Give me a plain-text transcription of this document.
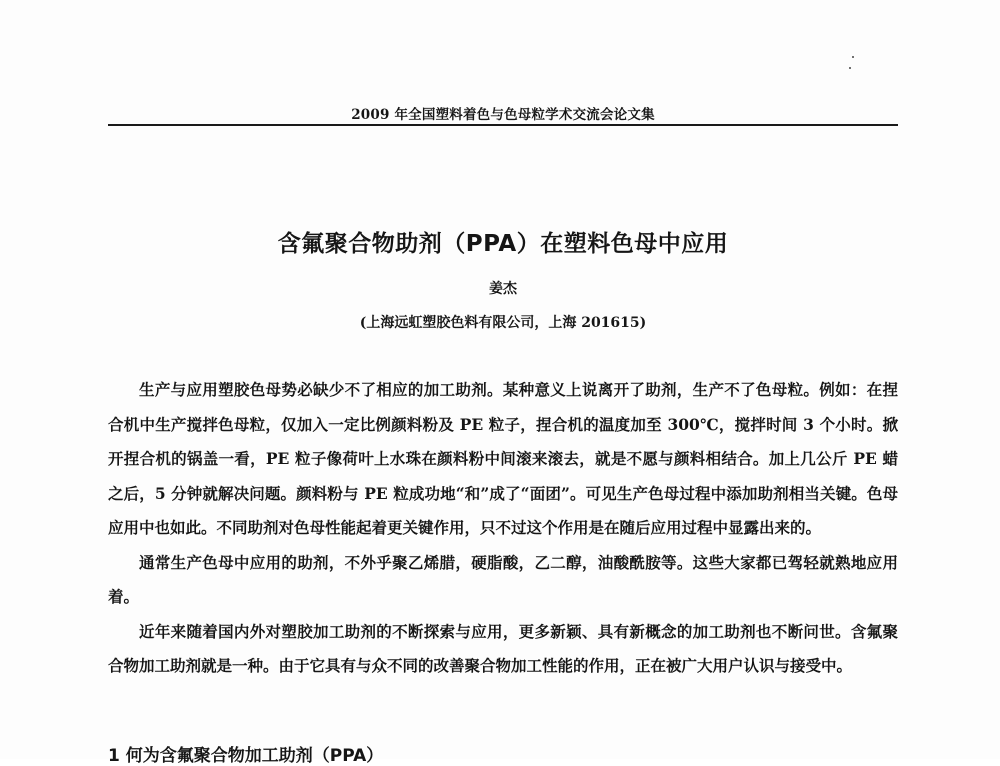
2009 年全国塑料着色与色母粒学术交流会论文集
含氟聚合物助剂（PPA）在塑料色母中应用
姜杰
(上海远虹塑胶色料有限公司，上海 201615)

生产与应用塑胶色母势必缺少不了相应的加工助剂。某种意义上说离开了助剂，生产不了色母粒。例如：在捏合机中生产搅拌色母粒，仅加入一定比例颜料粉及 PE 粒子，捏合机的温度加至 300℃，搅拌时间 3 个小时。掀开捏合机的锅盖一看，PE 粒子像荷叶上水珠在颜料粉中间滚来滚去，就是不愿与颜料相结合。加上几公斤 PE 蜡之后，5 分钟就解决问题。颜料粉与 PE 粒成功地“和”成了“面团”。可见生产色母过程中添加助剂相当关键。色母应用中也如此。不同助剂对色母性能起着更关键作用，只不过这个作用是在随后应用过程中显露出来的。

通常生产色母中应用的助剂，不外乎聚乙烯腊，硬脂酸，乙二醇，油酸酰胺等。这些大家都已驾轻就熟地应用着。

近年来随着国内外对塑胶加工助剂的不断探索与应用，更多新颖、具有新概念的加工助剂也不断问世。含氟聚合物加工助剂就是一种。由于它具有与众不同的改善聚合物加工性能的作用，正在被广大用户认识与接受中。

1 何为含氟聚合物加工助剂（PPA）
